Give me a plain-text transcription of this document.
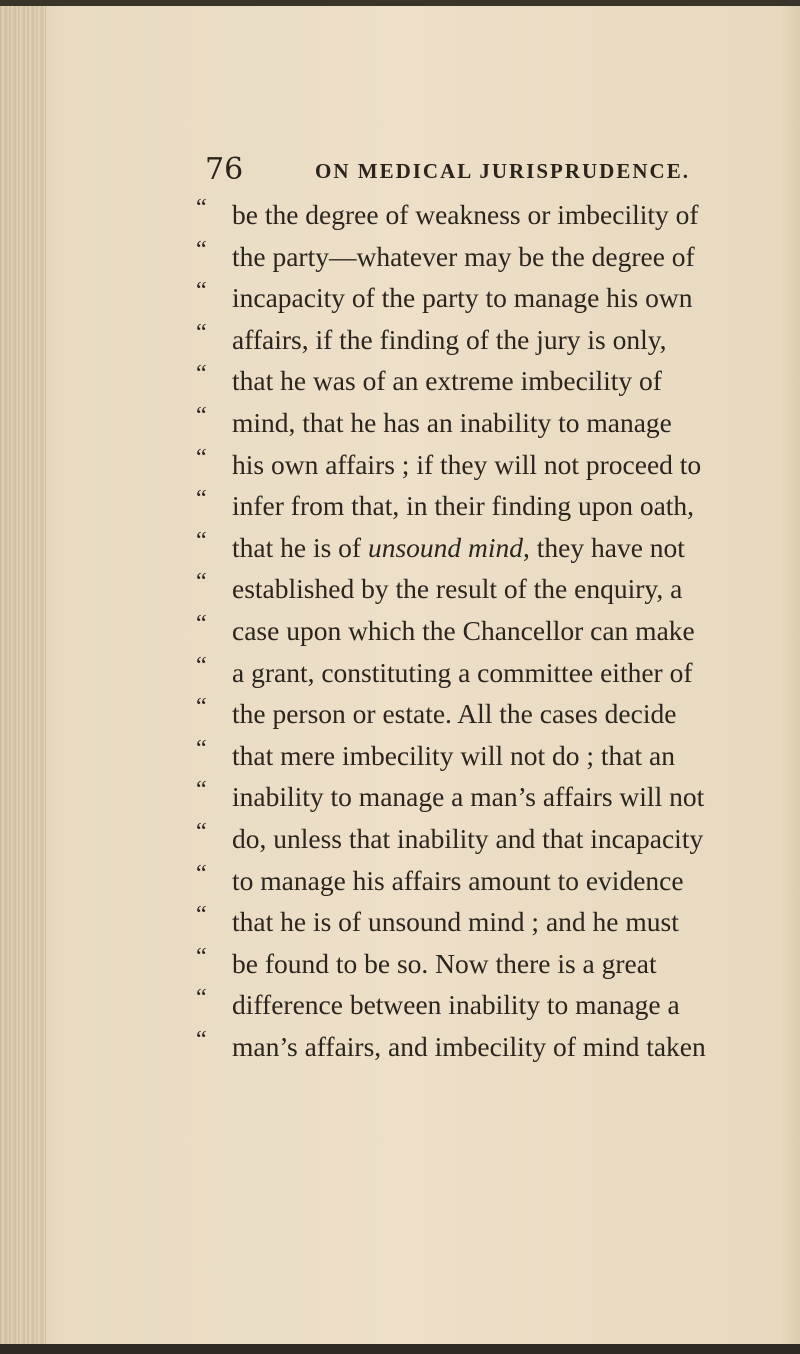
76	ON MEDICAL JURISPRUDENCE.
“ be the degree of weakness or imbecility of
“ the party—whatever may be the degree of
“ incapacity of the party to manage his own
“ affairs, if the finding of the jury is only,
“ that he was of an extreme imbecility of
“ mind, that he has an inability to manage
“ his own affairs ; if they will not proceed to
“ infer from that, in their finding upon oath,
“ that he is of unsound mind, they have not
“ established by the result of the enquiry, a
“ case upon which the Chancellor can make
“ a grant, constituting a committee either of
“ the person or estate. All the cases decide
“ that mere imbecility will not do ; that an
“ inability to manage a man’s affairs will not
“ do, unless that inability and that incapacity
“ to manage his affairs amount to evidence
“ that he is of unsound mind ; and he must
“ be found to be so. Now there is a great
“ difference between inability to manage a
“ man’s affairs, and imbecility of mind taken
